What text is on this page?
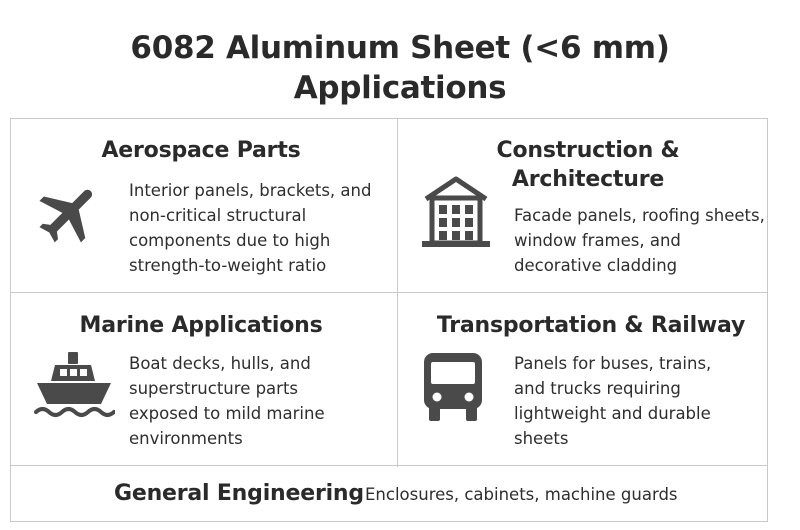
6082 Aluminum Sheet (<6 mm)
Applications
Aerospace Parts

Interior panels, brackets, and
non-critical structural
components due to high
strength-to-weight ratio

Construction &
Architecture

Facade panels, roofing sheets,
window frames, and
decorative cladding

Marine Applications

Boat decks, hulls, and
superstructure parts
exposed to mild marine
environments

Transportation & Railway

Panels for buses, trains,
and trucks requiring
lightweight and durable
sheets

General Engineering Enclosures, cabinets, machine guards
